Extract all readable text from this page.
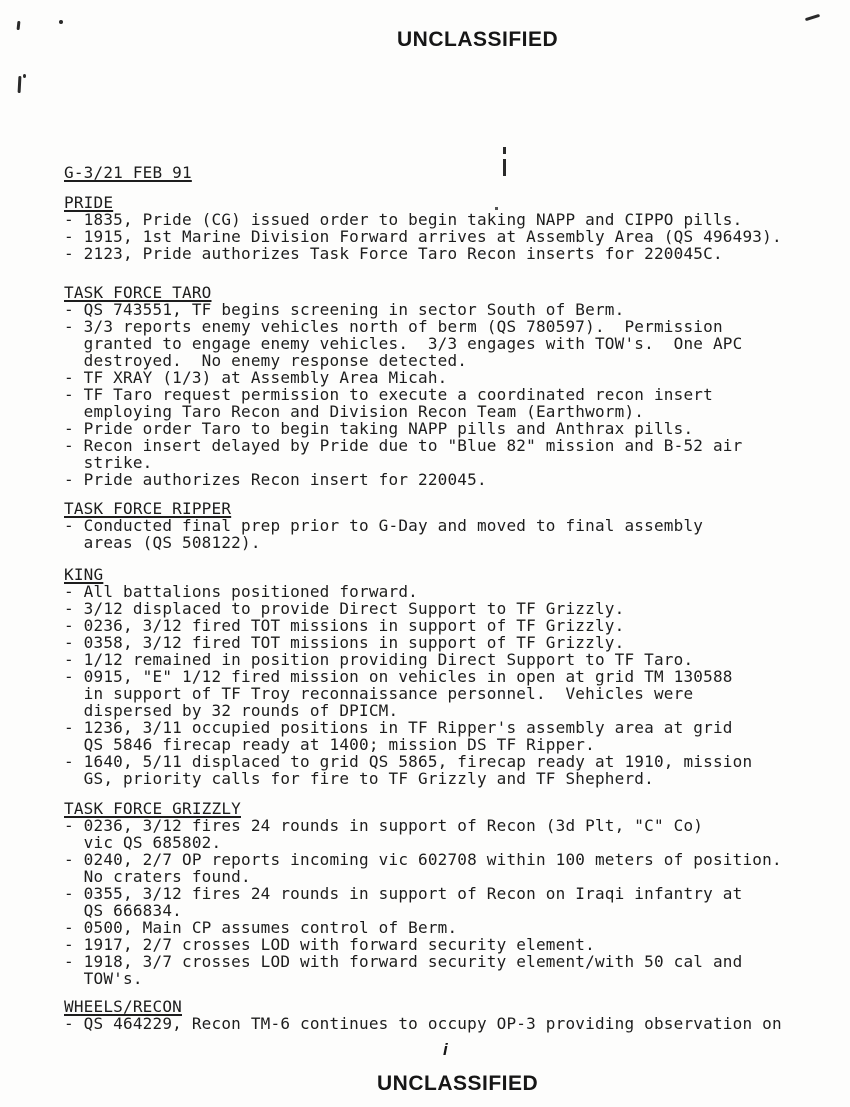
UNCLASSIFIED
G-3/21 FEB 91
PRIDE
- 1835, Pride (CG) issued order to begin taking NAPP and CIPPO pills.
- 1915, 1st Marine Division Forward arrives at Assembly Area (QS 496493).
- 2123, Pride authorizes Task Force Taro Recon inserts for 220045C.
TASK FORCE TARO
- QS 743551, TF begins screening in sector South of Berm.
- 3/3 reports enemy vehicles north of berm (QS 780597).  Permission
granted to engage enemy vehicles.  3/3 engages with TOW's.  One APC
destroyed.  No enemy response detected.
- TF XRAY (1/3) at Assembly Area Micah.
- TF Taro request permission to execute a coordinated recon insert
employing Taro Recon and Division Recon Team (Earthworm).
- Pride order Taro to begin taking NAPP pills and Anthrax pills.
- Recon insert delayed by Pride due to "Blue 82" mission and B-52 air
strike.
- Pride authorizes Recon insert for 220045.
TASK FORCE RIPPER
- Conducted final prep prior to G-Day and moved to final assembly
areas (QS 508122).
KING
- All battalions positioned forward.
- 3/12 displaced to provide Direct Support to TF Grizzly.
- 0236, 3/12 fired TOT missions in support of TF Grizzly.
- 0358, 3/12 fired TOT missions in support of TF Grizzly.
- 1/12 remained in position providing Direct Support to TF Taro.
- 0915, "E" 1/12 fired mission on vehicles in open at grid TM 130588
in support of TF Troy reconnaissance personnel.  Vehicles were
dispersed by 32 rounds of DPICM.
- 1236, 3/11 occupied positions in TF Ripper's assembly area at grid
QS 5846 firecap ready at 1400; mission DS TF Ripper.
- 1640, 5/11 displaced to grid QS 5865, firecap ready at 1910, mission
GS, priority calls for fire to TF Grizzly and TF Shepherd.
TASK FORCE GRIZZLY
- 0236, 3/12 fires 24 rounds in support of Recon (3d Plt, "C" Co)
vic QS 685802.
- 0240, 2/7 OP reports incoming vic 602708 within 100 meters of position.
No craters found.
- 0355, 3/12 fires 24 rounds in support of Recon on Iraqi infantry at
QS 666834.
- 0500, Main CP assumes control of Berm.
- 1917, 2/7 crosses LOD with forward security element.
- 1918, 3/7 crosses LOD with forward security element/with 50 cal and
TOW's.
WHEELS/RECON
- QS 464229, Recon TM-6 continues to occupy OP-3 providing observation on
i
UNCLASSIFIED
